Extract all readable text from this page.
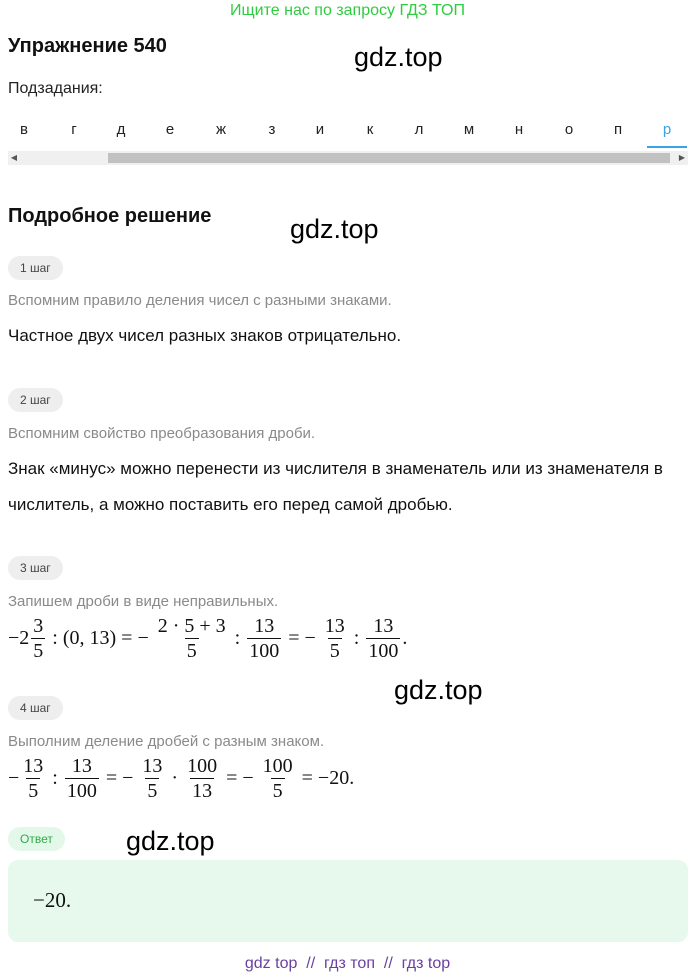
Ищите нас по запросу ГДЗ ТОП
Упражнение 540	gdz.top
Подзадания:
в	г	д	е	ж	з	и	к	л	м	н	о	п	р
◀	▶
Подробное решение	gdz.top
1 шаг
Вспомним правило деления чисел с разными знаками.
Частное двух чисел разных знаков отрицательно.
2 шаг
Вспомним свойство преобразования дроби.
Знак «минус» можно перенести из числителя в знаменатель или из знаменателя в числитель, а можно поставить его перед самой дробью.
3 шаг
Запишем дроби в виде неправильных.
$-2 \frac{3}{5}$ : (0, 13) = − $\frac{2 \cdot 5 + 3}{5}$ : $\frac{13}{100}$ = − $\frac{13}{5}$ : $\frac{13}{100}$ .
gdz.top
4 шаг
Выполним деление дробей с разным знаком.
− $\frac{13}{5}$ : $\frac{13}{100}$ = − $\frac{13}{5} \cdot \frac{100}{13}$ = − $\frac{100}{5} = -20$.
Ответ	gdz.top
−20.
gdz top  //  гдз топ  //  гдз top
